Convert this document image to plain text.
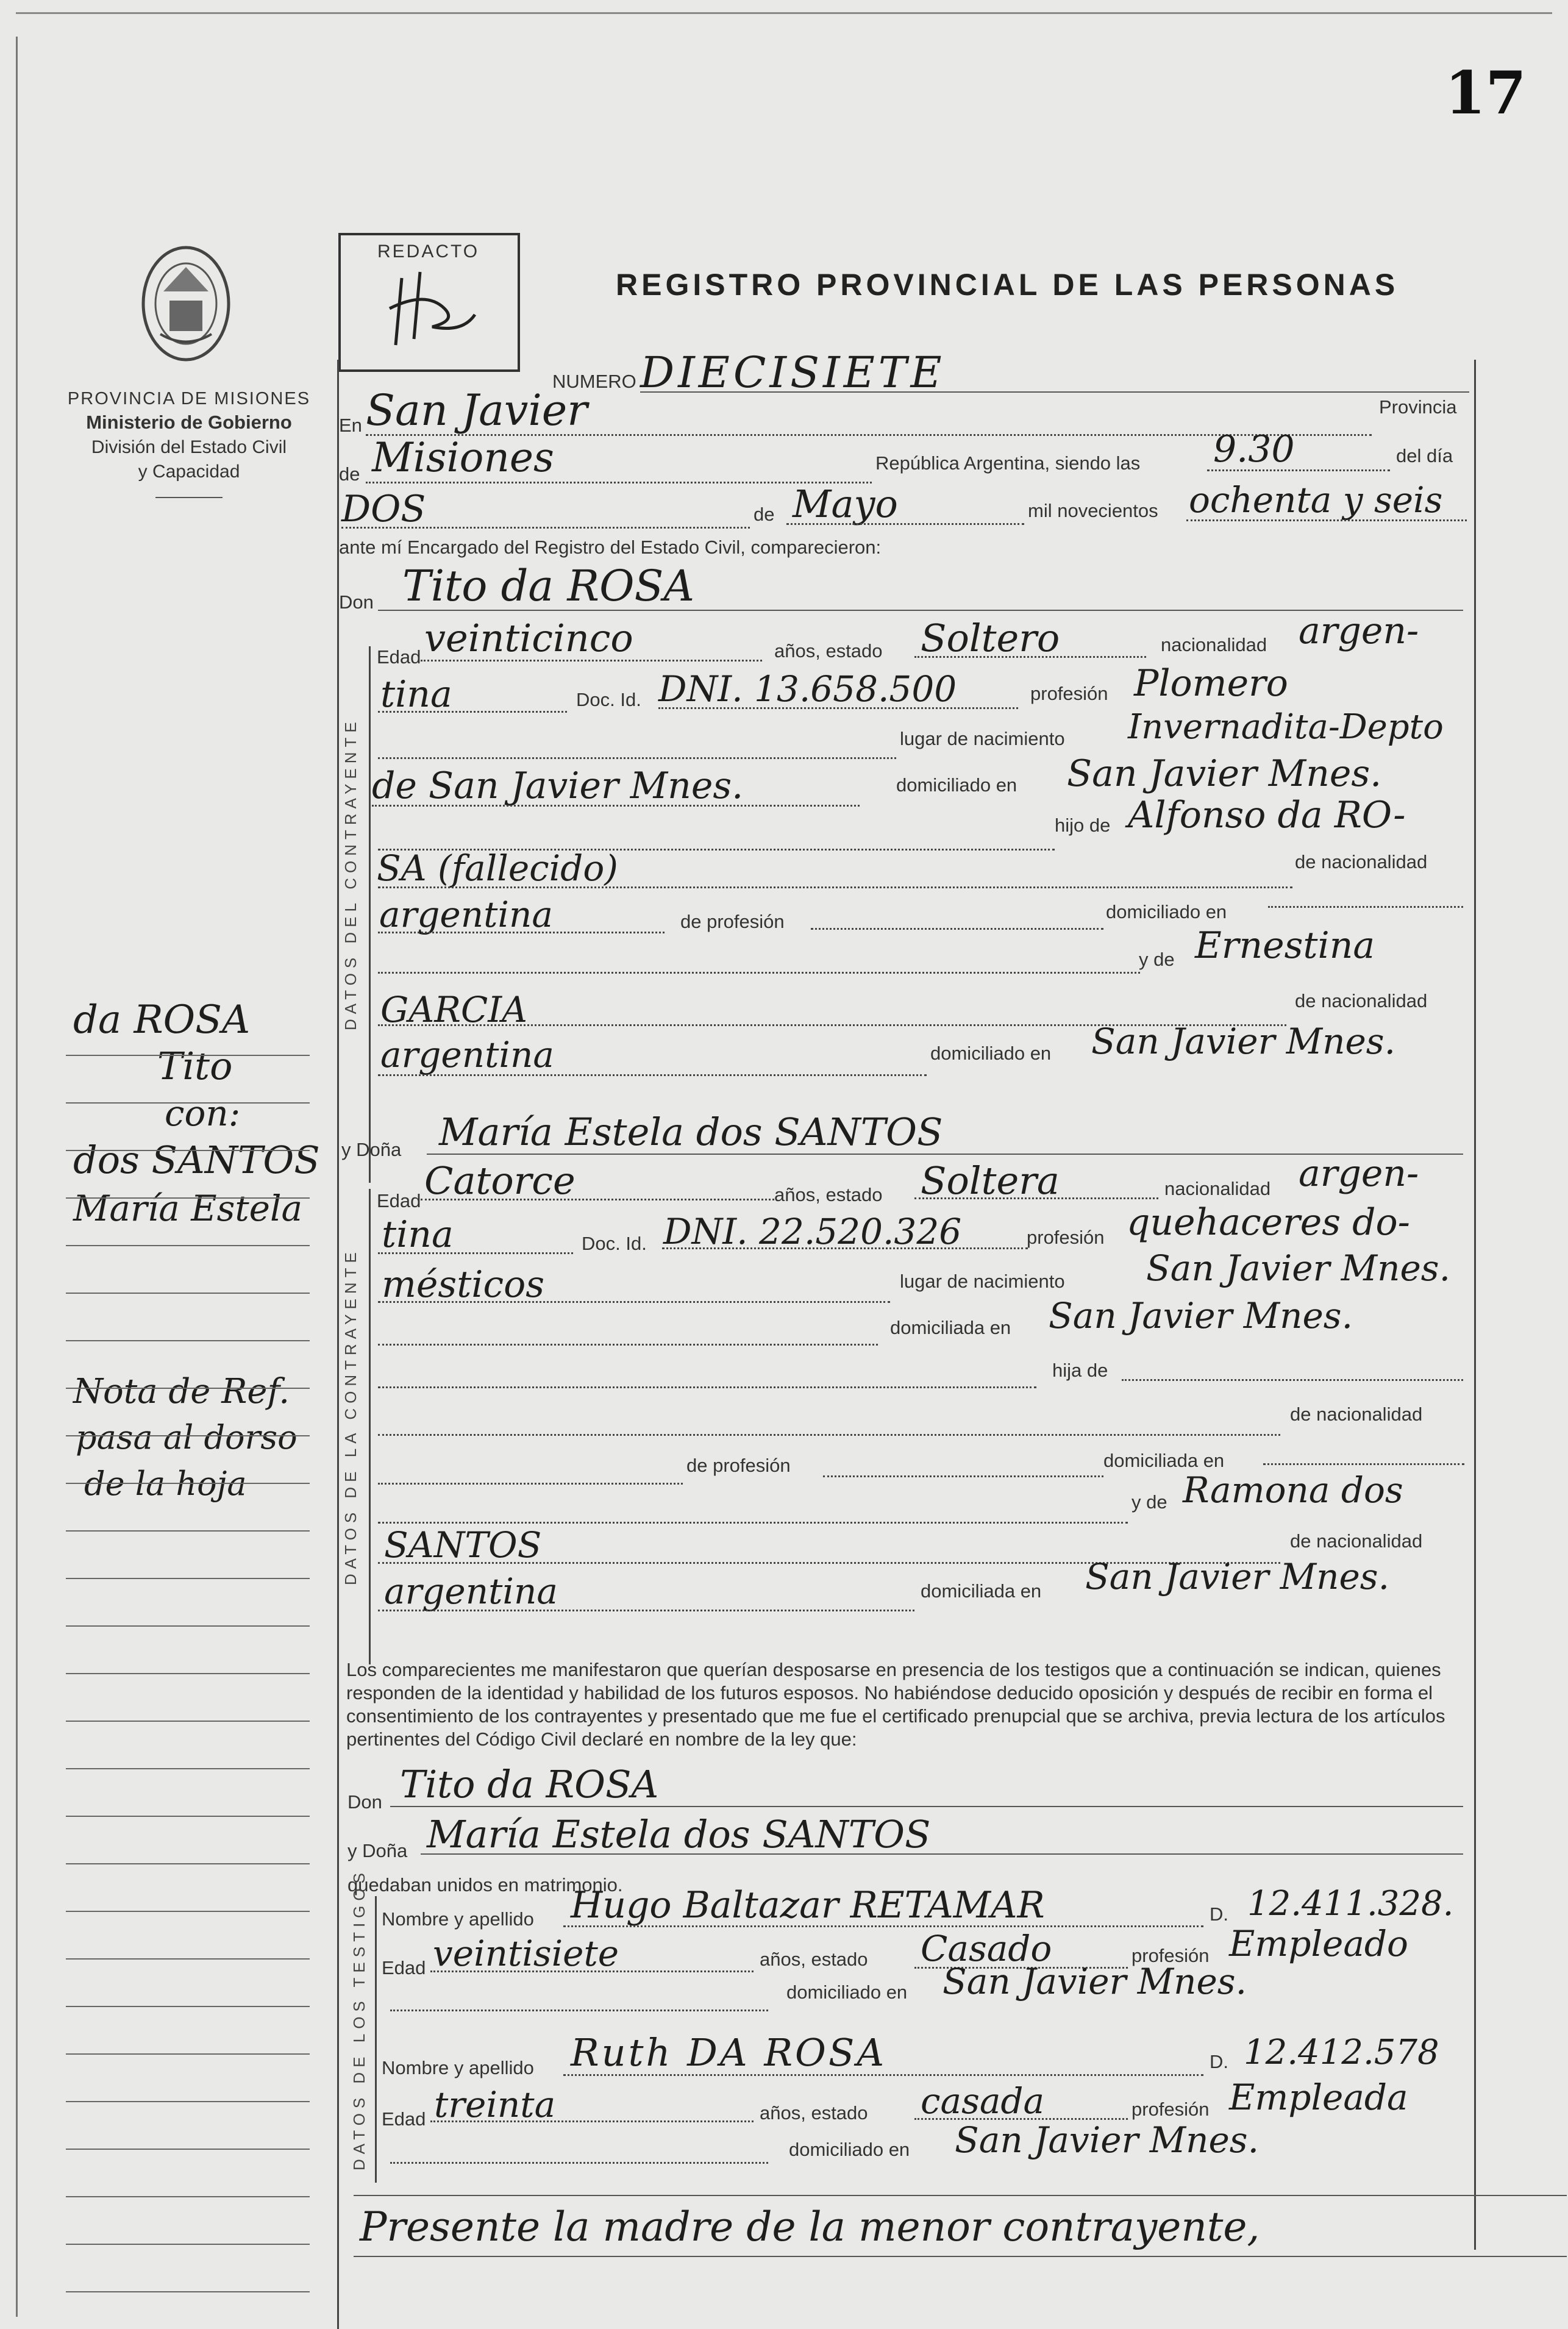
17
PROVINCIA DE MISIONES
Ministerio de Gobierno
División del Estado Civil
y Capacidad
REDACTO
REGISTRO PROVINCIAL DE LAS PERSONAS
NUMERO DIECISIETE
En San Javier	Provincia
de Misiones	República Argentina, siendo las 9.30	del día
DOS	de Mayo	mil novecientos ochenta y seis
ante mí Encargado del Registro del Estado Civil, comparecieron:
Don Tito da ROSA
DATOS DEL CONTRAYENTE
Edad veinticinco	años, estado Soltero	nacionalidad argen-
tina	Doc. Id. DNI. 13.658.500	profesión Plomero
lugar de nacimiento Invernadita-Depto
de San Javier Mnes.	domiciliado en San Javier Mnes.
hijo de Alfonso da RO-
SA (fallecido)	de nacionalidad
argentina	de profesión	domiciliado en
y de Ernestina
GARCIA	de nacionalidad
argentina	domiciliado en San Javier Mnes.
y Doña María Estela dos SANTOS
DATOS DE LA CONTRAYENTE
Edad Catorce	años, estado Soltera	nacionalidad argen-
tina	Doc. Id. DNI. 22.520.326	profesión quehaceres do-
mésticos	lugar de nacimiento San Javier Mnes.
domiciliada en San Javier Mnes.
hija de
de nacionalidad
de profesión	domiciliada en
y de Ramona dos
SANTOS	de nacionalidad
argentina	domiciliada en San Javier Mnes.
Los comparecientes me manifestaron que querían desposarse en presencia de los testigos que a continuación se indican, quienes responden de la identidad y habilidad de los futuros esposos. No habiéndose deducido oposición y después de recibir en forma el consentimiento de los contrayentes y presentado que me fue el certificado prenupcial que se archiva, previa lectura de los artículos pertinentes del Código Civil declaré en nombre de la ley que:
Don Tito da ROSA
y Doña María Estela dos SANTOS
quedaban unidos en matrimonio.
DATOS DE LOS TESTIGOS Nombre y apellido Hugo Baltazar RETAMAR	D. 12.411.328.
Edad veintisiete	años, estado Casado	profesión Empleado
domiciliado en San Javier Mnes.
Nombre y apellido Ruth DA ROSA	D. 12.412.578
Edad treinta	años, estado casada	profesión Empleada
domiciliado en San Javier Mnes.
Presente la madre de la menor contrayente,
da ROSA
Tito
con:
dos SANTOS
María Estela
Nota de Ref.
pasa al dorso
de la hoja
